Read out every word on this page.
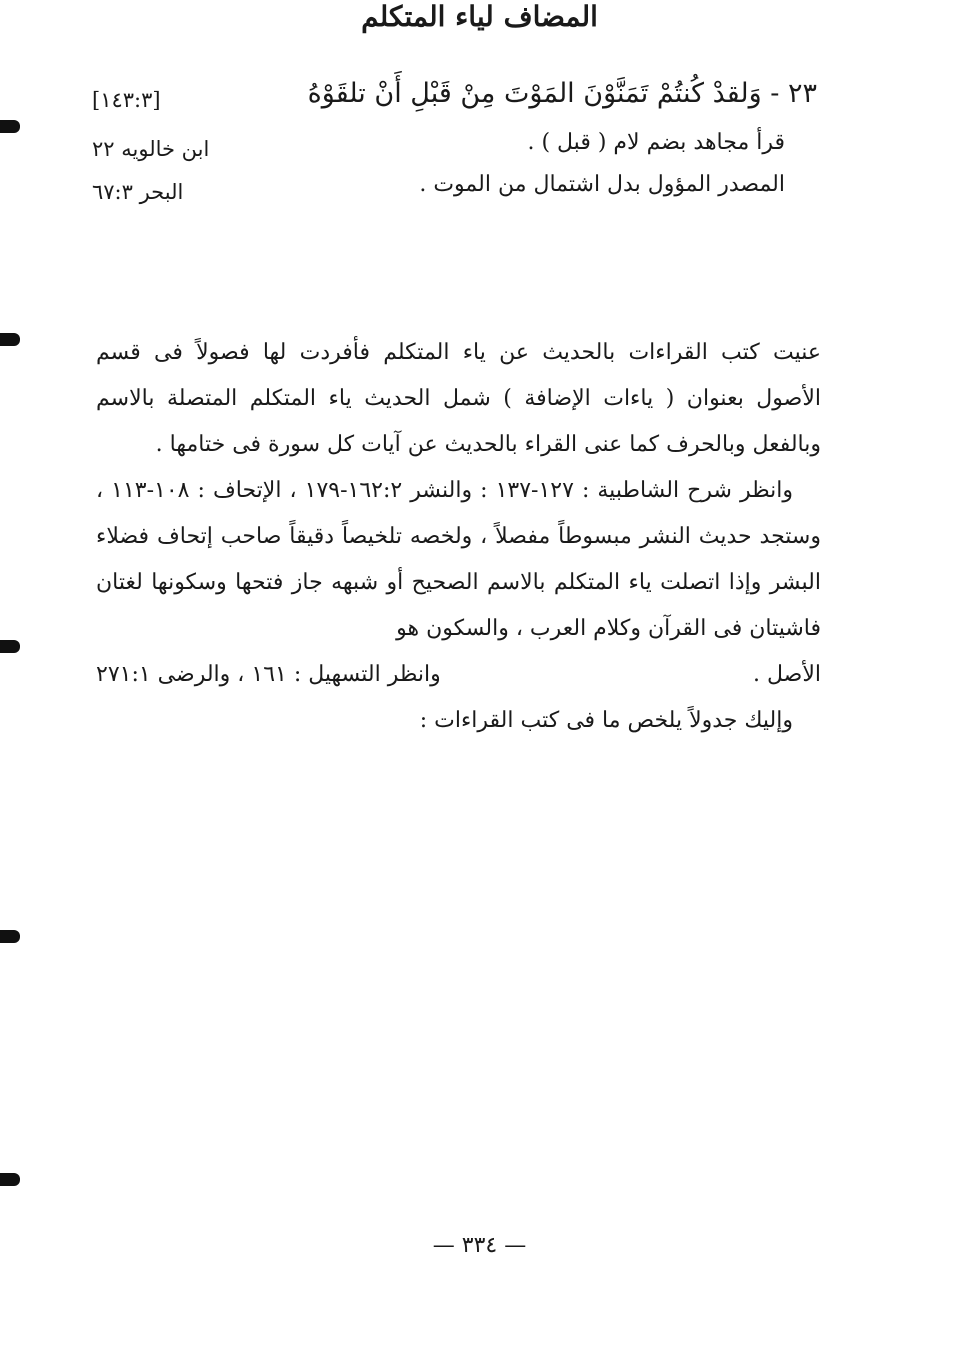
٢٣ - وَلقدْ كُنتُمْ تَمَنَّوْنَ المَوْتَ مِنْ قَبْلِ أَنْ تلقَوْهُ
[١٤٣:٣]
قرأ مجاهد بضم لام ( قبل ) .
ابن خالويه ٢٢
المصدر المؤول بدل اشتمال من الموت .
البحر ٦٧:٣
المضاف لياء المتكلم

عنيت كتب القراءات بالحديث عن ياء المتكلم فأفردت لها فصولاً فى قسم الأصول بعنوان ( ياءات الإضافة ) شمل الحديث ياء المتكلم المتصلة بالاسم وبالفعل وبالحرف كما عنى القراء بالحديث عن آيات كل سورة فى ختامها .

وانظر شرح الشاطبية : ١٢٧-١٣٧ : والنشر ١٦٢:٢-١٧٩ ، الإتحاف : ١٠٨-١١٣ ، وستجد حديث النشر مبسوطاً مفصلاً ، ولخصه تلخيصاً دقيقاً صاحب إتحاف فضلاء البشر وإذا اتصلت ياء المتكلم بالاسم الصحيح أو شبهه جاز فتحها وسكونها لغتان فاشيتان فى القرآن وكلام العرب ، والسكون هو

الأصل .
وانظر التسهيل : ١٦١ ، والرضى ٢٧١:١

وإليك جدولاً يلخص ما فى كتب القراءات :

— ٣٣٤ —
